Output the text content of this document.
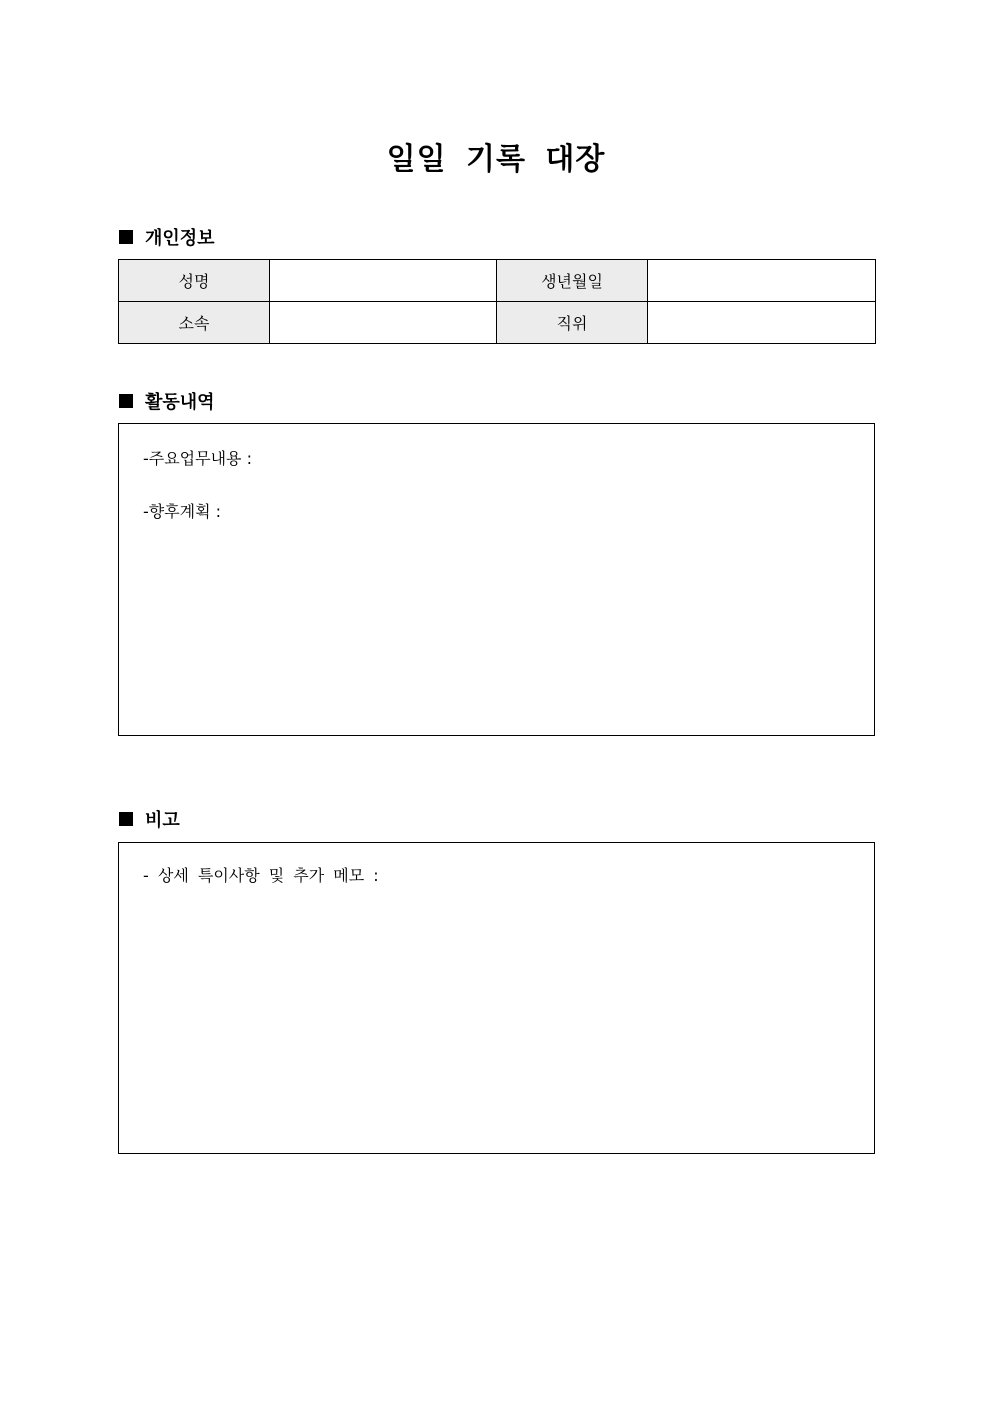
일일 기록 대장
개인정보
성명		생년월일	
소속		직위	
활동내역
-주요업무내용 :
-향후계획 :
비고
- 상세 특이사항 및 추가 메모 :
